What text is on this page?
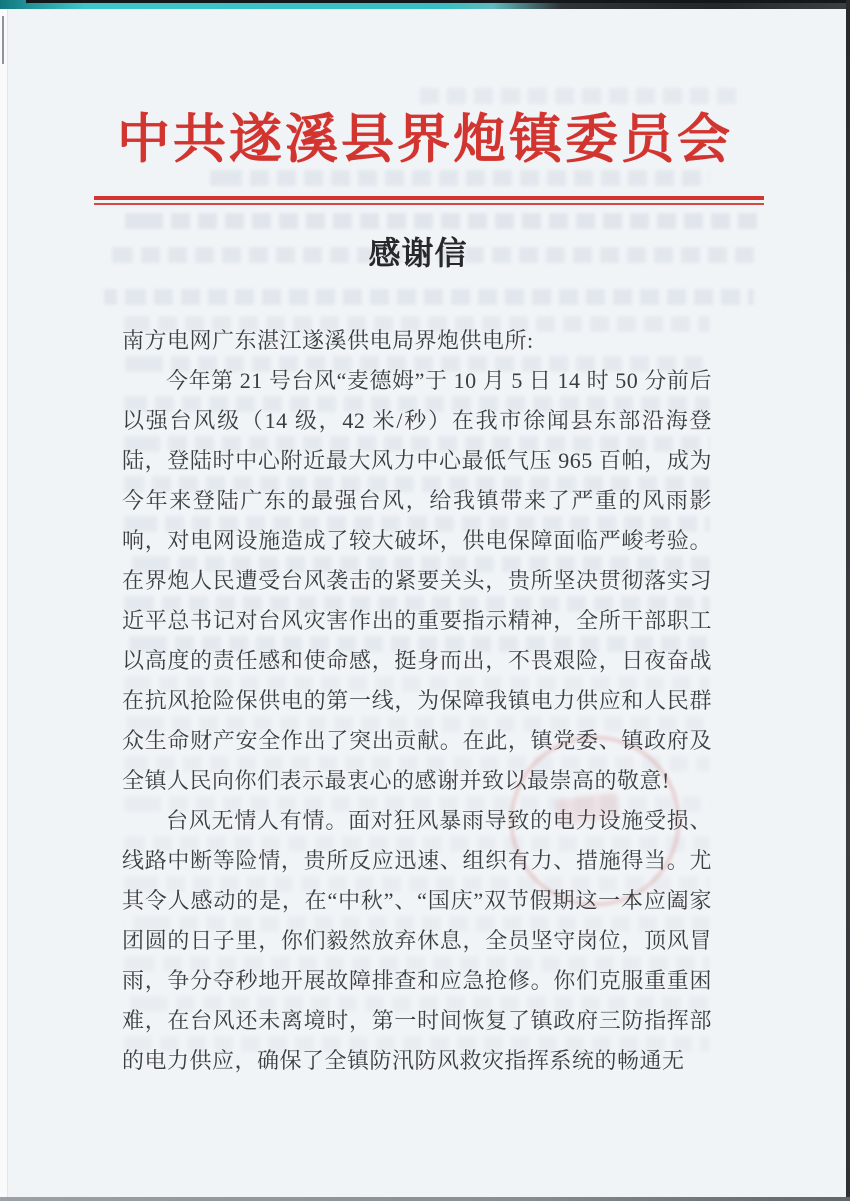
中共遂溪县界炮镇委员会
感谢信

南方电网广东湛江遂溪供电局界炮供电所:

今年第 21 号台风“麦德姆”于 10 月 5 日 14 时 50 分前后以强台风级（14 级，42 米/秒）在我市徐闻县东部沿海登陆，登陆时中心附近最大风力中心最低气压 965 百帕，成为今年来登陆广东的最强台风，给我镇带来了严重的风雨影响，对电网设施造成了较大破坏，供电保障面临严峻考验。在界炮人民遭受台风袭击的紧要关头，贵所坚决贯彻落实习近平总书记对台风灾害作出的重要指示精神，全所干部职工以高度的责任感和使命感，挺身而出，不畏艰险，日夜奋战在抗风抢险保供电的第一线，为保障我镇电力供应和人民群众生命财产安全作出了突出贡献。在此，镇党委、镇政府及全镇人民向你们表示最衷心的感谢并致以最崇高的敬意!

台风无情人有情。面对狂风暴雨导致的电力设施受损、线路中断等险情，贵所反应迅速、组织有力、措施得当。尤其令人感动的是，在“中秋”、“国庆”双节假期这一本应阖家团圆的日子里，你们毅然放弃休息，全员坚守岗位，顶风冒雨，争分夺秒地开展故障排查和应急抢修。你们克服重重困难，在台风还未离境时，第一时间恢复了镇政府三防指挥部的电力供应，确保了全镇防汛防风救灾指挥系统的畅通无
